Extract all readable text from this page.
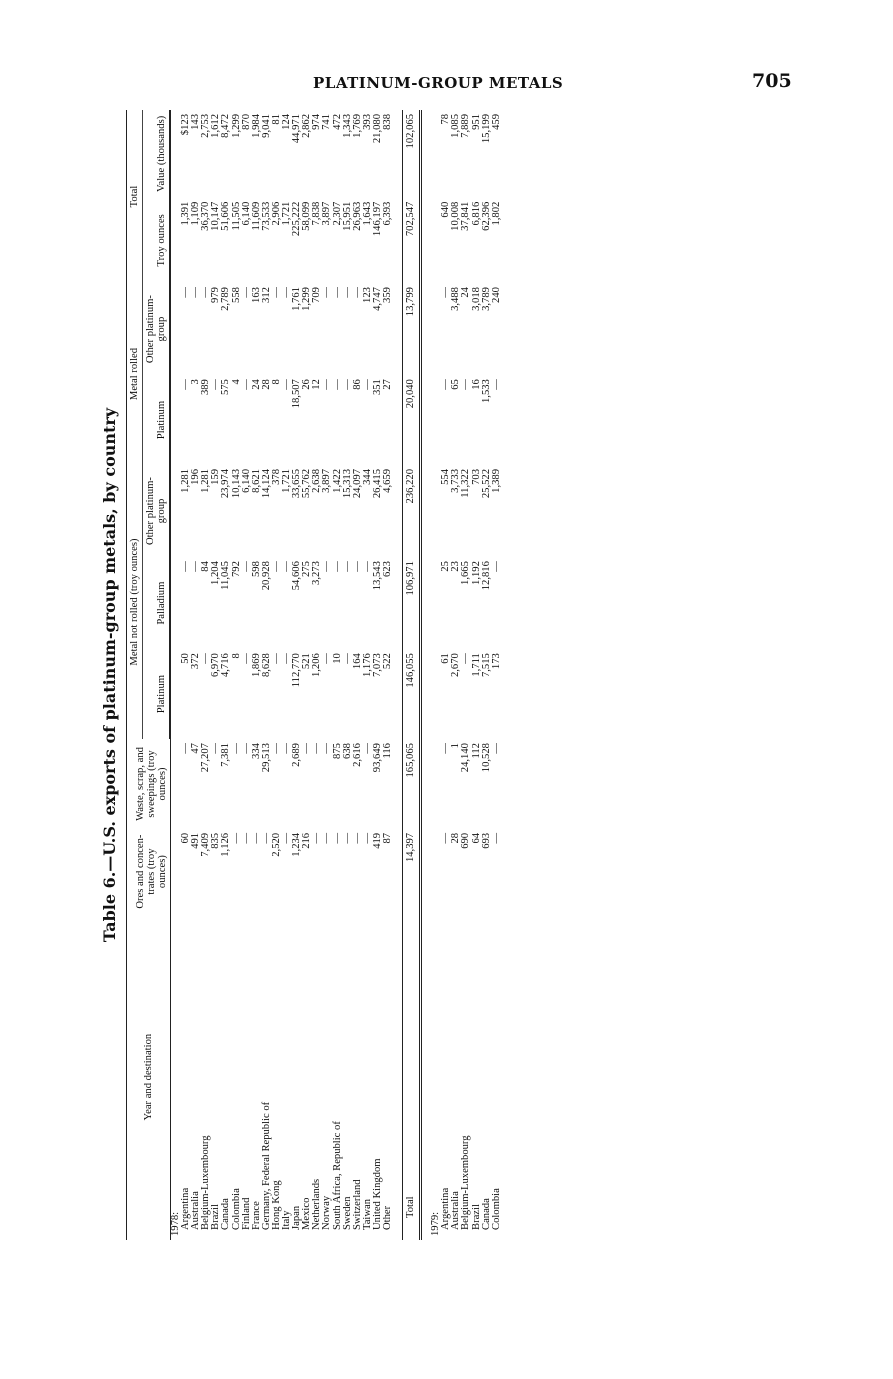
PLATINUM-GROUP METALS	705
Table 6.—U.S. exports of platinum-group metals, by country
Year and destination	Ores and concen- trates (troy ounces)	Waste, scrap, and sweepings (troy ounces)	Metal not rolled (troy ounces)			Metal rolled		Total	
			Platinum	Palladium	Other platinum- group	Platinum	Other platinum- group	Troy ounces	Value (thousands)

1978:									
Argentina	60	—	50	—	1,281	—	—	1,391	$123
Australia	491	47	372	—	196	3	—	1,109	143
Belgium-Luxembourg	7,409	27,207	—	84	1,281	389	—	36,370	2,753
Brazil	835	—	6,970	1,204	159	—	979	10,147	1,612
Canada	1,126	7,381	4,716	11,045	23,974	575	2,789	51,606	8,472
Colombia	—	—	8	792	10,143	4	558	11,505	1,299
Finland	—	—	—	—	6,140	—	—	6,140	870
France	—	334	1,869	598	8,621	24	163	11,609	1,984
Germany, Federal Republic of	—	29,513	8,628	20,928	14,124	28	312	73,533	9,041
Hong Kong	2,520	—	—	—	378	8	—	2,906	81
Italy	—	—	—	—	1,721	—	—	1,721	124
Japan	1,234	2,689	112,770	54,606	33,655	18,507	1,761	225,222	44,971
Mexico	216	—	521	275	55,762	26	1,299	58,099	2,862
Netherlands	—	—	1,206	3,273	2,638	12	709	7,838	974
Norway	—	—	—	—	3,897	—	—	3,897	741
South Africa, Republic of	—	875	10	—	1,422	—	—	2,307	472
Sweden	—	638	—	—	15,313	—	—	15,951	1,343
Switzerland	—	2,616	164	—	24,097	86	—	26,963	1,769
Taiwan	—	—	1,176	—	344	—	123	1,643	393
United Kingdom	419	93,649	7,073	13,543	26,415	351	4,747	146,197	21,080
Other	87	116	522	623	4,659	27	359	6,393	838

Total	14,397	165,065	146,055	106,971	236,220	20,040	13,799	702,547	102,065

1979:									
Argentina	—	—	61	25	554	—	—	640	78
Australia	28	1	2,670	23	3,733	65	3,488	10,008	1,085
Belgium-Luxembourg	690	24,140	—	1,665	11,322	—	24	37,841	7,889
Brazil	64	112	1,711	1,192	703	16	3,018	6,816	951
Canada	693	10,528	7,515	12,816	25,522	1,533	3,789	62,396	15,199
Colombia	—	—	173	—	1,389	—	240	1,802	459
